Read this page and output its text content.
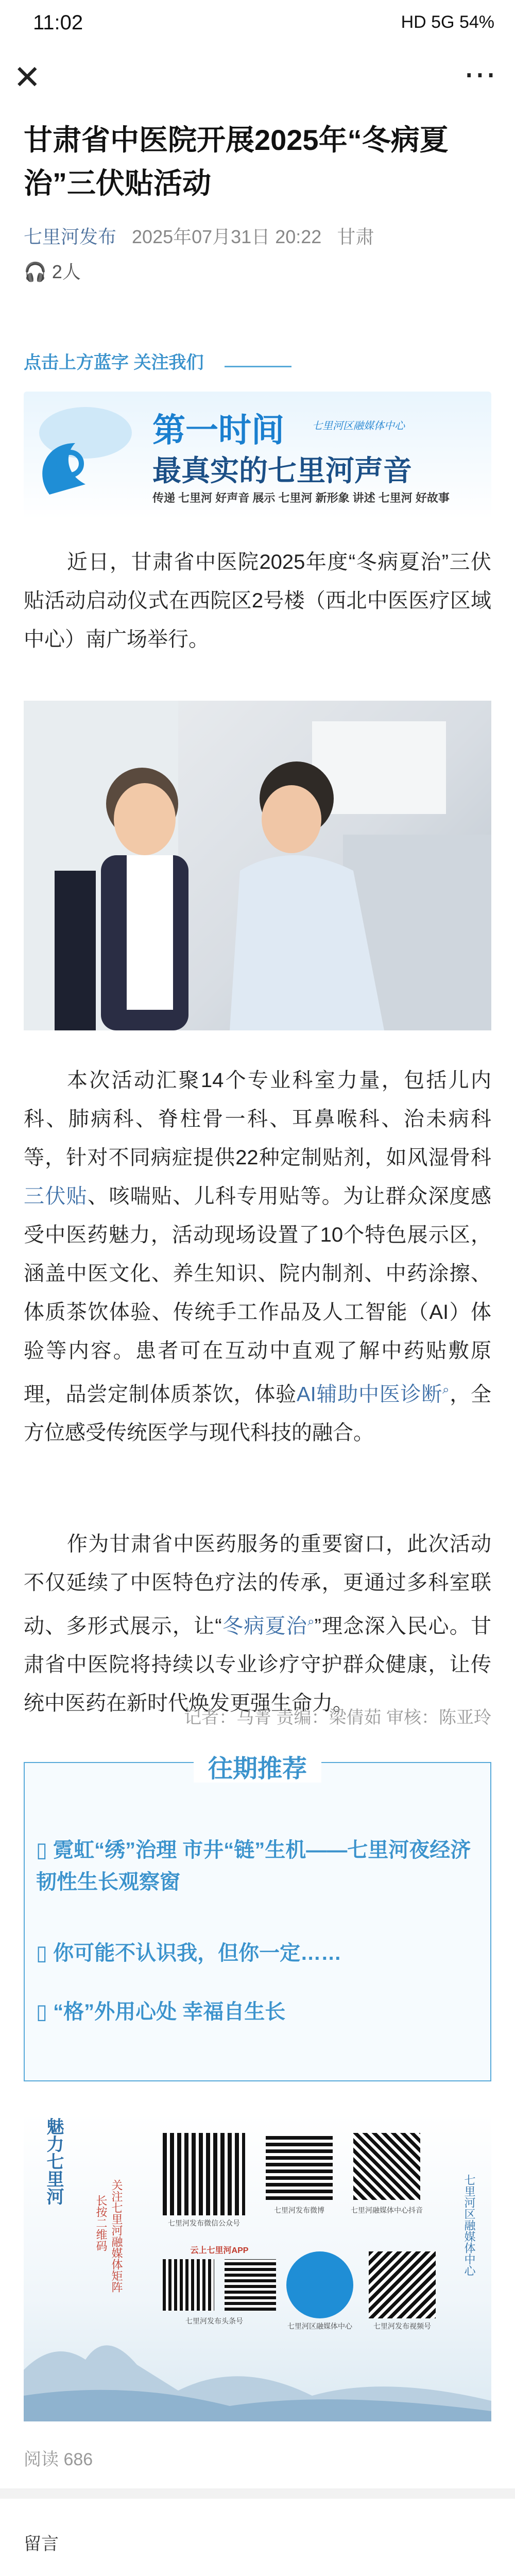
11:02	HD 5G 54%
✕	⋯
甘肃省中医院开展2025年“冬病夏治”三伏贴活动
七里河发布 2025年07月31日 20:22 甘肃
🎧 2人
点击上方蓝字 关注我们
第一时间	七里河区融媒体中心
最真实的七里河声音
传递 七里河 好声音 展示 七里河 新形象 讲述 七里河 好故事

近日，甘肃省中医院2025年度“冬病夏治”三伏贴活动启动仪式在西院区2号楼（西北中医医疗区域中心）南广场举行。

本次活动汇聚14个专业科室力量，包括儿内科、肺病科、脊柱骨一科、耳鼻喉科、治未病科等，针对不同病症提供22种定制贴剂，如风湿骨科三伏贴、咳喘贴、儿科专用贴等。为让群众深度感受中医药魅力，活动现场设置了10个特色展示区，涵盖中医文化、养生知识、院内制剂、中药涂擦、体质茶饮体验、传统手工作品及人工智能（AI）体验等内容。患者可在互动中直观了解中药贴敷原理，品尝定制体质茶饮，体验AI辅助中医诊断⌕，全方位感受传统医学与现代科技的融合。

作为甘肃省中医药服务的重要窗口，此次活动不仅延续了中医特色疗法的传承，更通过多科室联动、多形式展示，让“冬病夏治⌕”理念深入民心。甘肃省中医院将持续以专业诊疗守护群众健康，让传统中医药在新时代焕发更强生命力。

记者：马菁 责编：梁倩茹 审核：陈亚玲
往期推荐
▯ 霓虹“绣”治理 市井“链”生机——七里河夜经济韧性生长观察窗
▯ 你可能不认识我，但你一定……
▯ “格”外用心处 幸福自生长
魅力七里河
长按二维码 关注七里河融媒体矩阵	七里河发布微信公众号
七里河发布微博	七里河融媒体中心抖音
云上七里河APP
七里河区融媒体中心	七里河发布视频号
七里河发布头条号
七里河区融媒体中心
阅读 686
留言
